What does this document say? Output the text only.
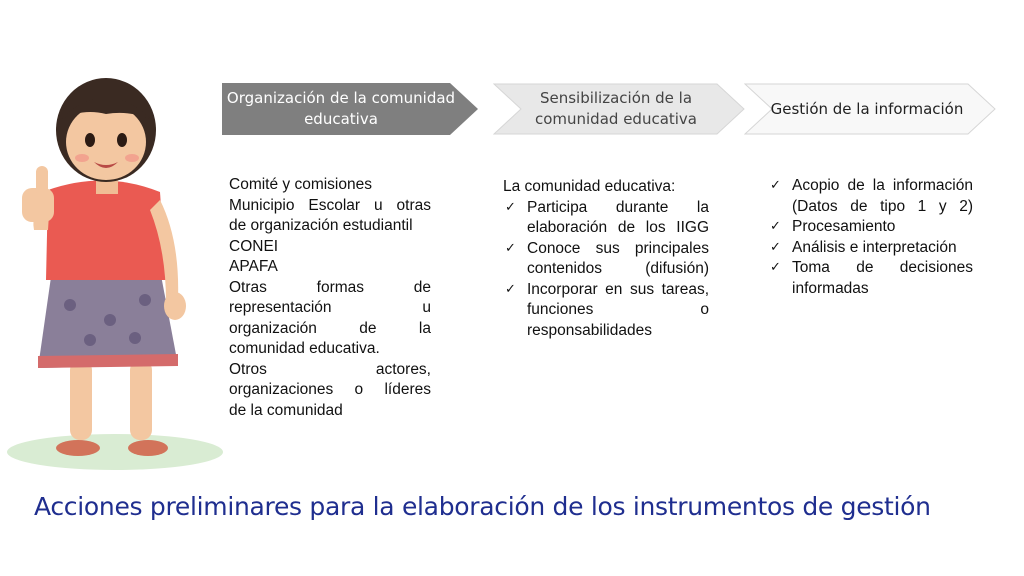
Organización de la comunidad educativa
Sensibilización de la comunidad educativa
Gestión de la información

Comité y comisiones

Municipio Escolar u otras

de organización estudiantil

CONEI

APAFA

Otras formas de

representación u

organización de la

comunidad educativa.

Otros actores,

organizaciones o líderes

de la comunidad

La comunidad educativa:

✓ Participa durante la elaboración de los IIGG
✓ Conoce sus principales contenidos (difusión)
✓ Incorporar en sus tareas, funciones o responsabilidades
✓ Acopio de la información (Datos de tipo 1 y 2)
✓ Procesamiento
✓ Análisis e interpretación
✓ Toma de decisiones informadas
Acciones preliminares para la elaboración de los instrumentos de gestión
